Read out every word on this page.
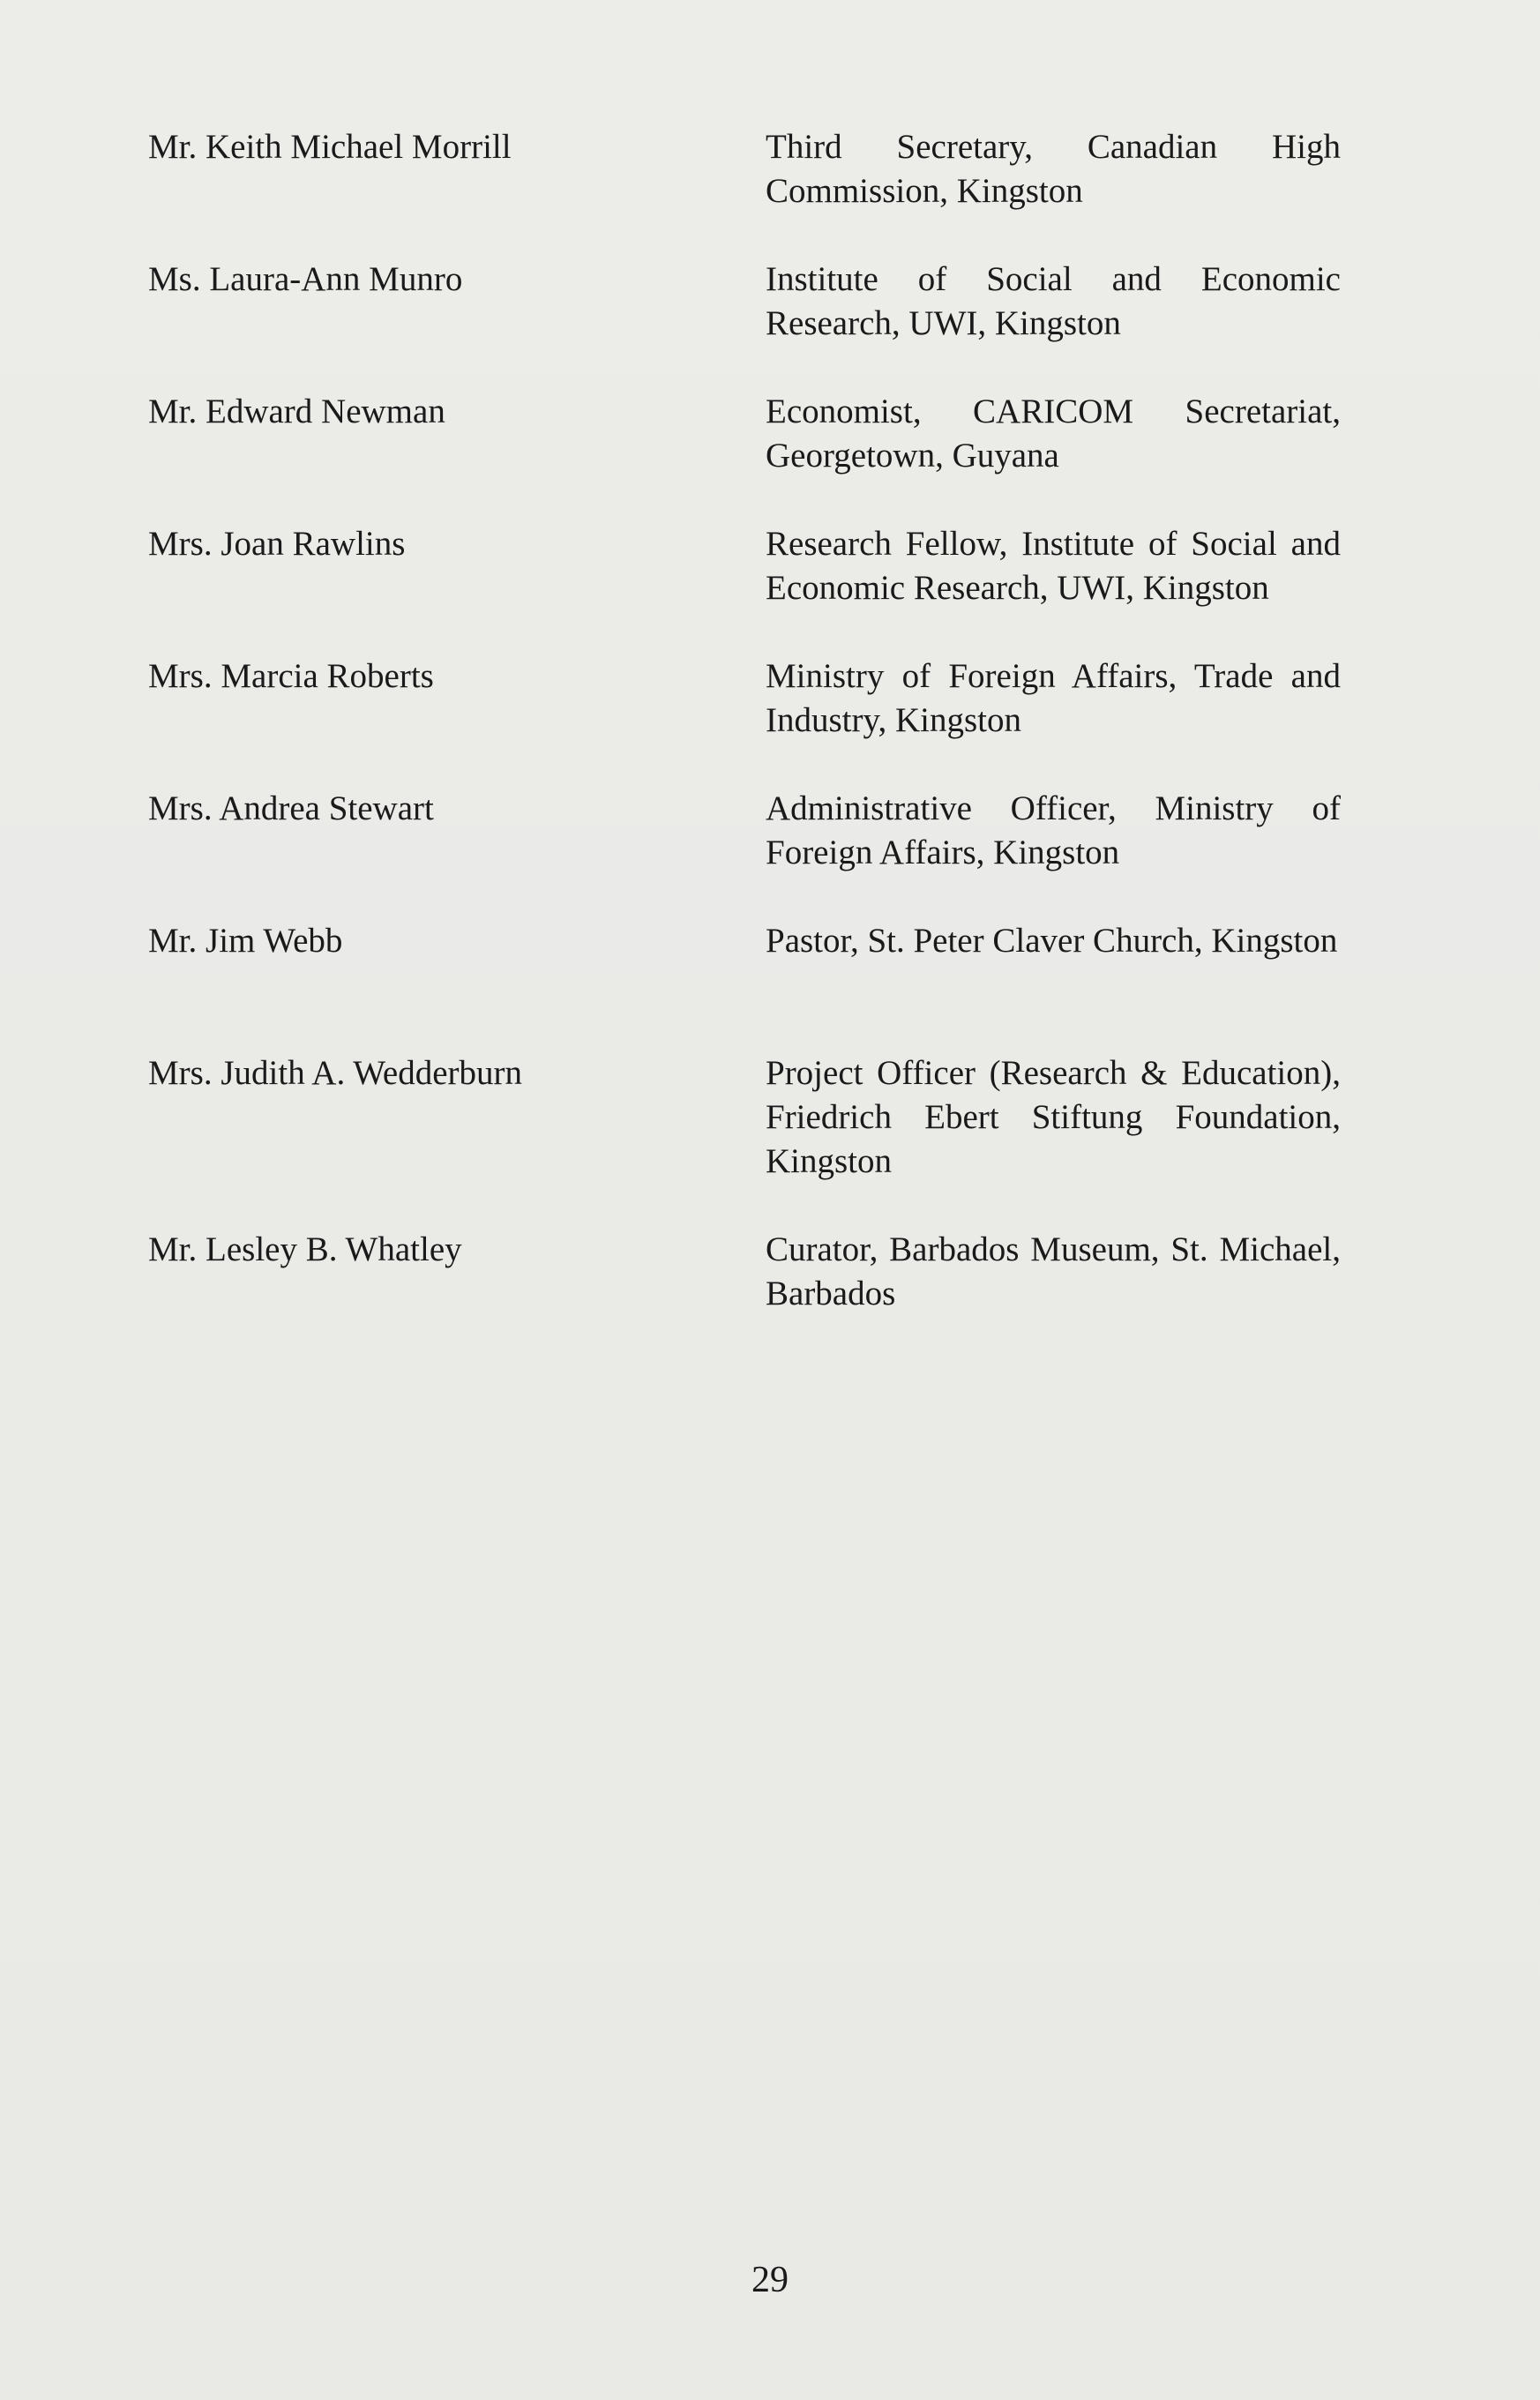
Mr. Keith Michael Morrill	Third Secretary, Canadian High Commission, Kingston
Ms. Laura-Ann Munro	Institute of Social and Economic Research, UWI, Kingston
Mr. Edward Newman	Economist, CARICOM Secretariat, Georgetown, Guyana
Mrs. Joan Rawlins	Research Fellow, Institute of Social and Economic Research, UWI, Kingston
Mrs. Marcia Roberts	Ministry of Foreign Affairs, Trade and Industry, Kingston
Mrs. Andrea Stewart	Administrative Officer, Ministry of Foreign Affairs, Kingston
Mr. Jim Webb	Pastor, St. Peter Claver Church, Kingston
Mrs. Judith A. Wedderburn	Project Officer (Research & Education), Friedrich Ebert Stiftung Foundation, Kingston
Mr. Lesley B. Whatley	Curator, Barbados Museum, St. Michael, Barbados
29
